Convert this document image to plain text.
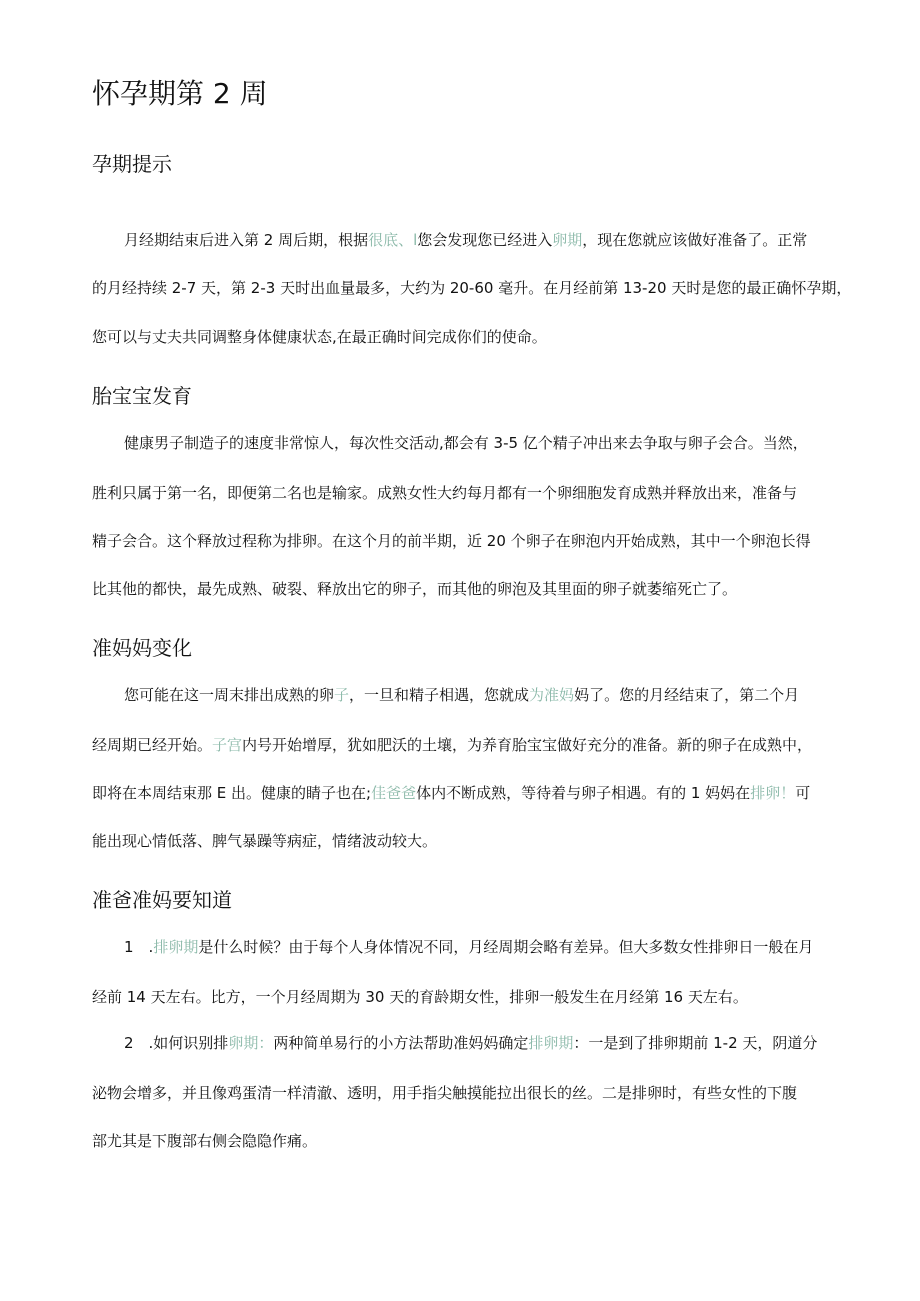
怀孕期第 2 周
孕期提示
月经期结束后进入第 2 周后期，根据很底、l您会发现您已经进入卵期，现在您就应该做好准备了。正常
的月经持续 2-7 天，第 2-3 天时出血量最多，大约为 20-60 毫升。在月经前第 13-20 天时是您的最正确怀孕期，
您可以与丈夫共同调整身体健康状态,在最正确时间完成你们的使命。
胎宝宝发育
健康男子制造子的速度非常惊人，每次性交活动,都会有 3-5 亿个精子冲出来去争取与卵子会合。当然，
胜利只属于第一名，即便第二名也是输家。成熟女性大约每月都有一个卵细胞发育成熟并释放出来，准备与
精子会合。这个释放过程称为排卵。在这个月的前半期，近 20 个卵子在卵泡内开始成熟，其中一个卵泡长得
比其他的都快，最先成熟、破裂、释放出它的卵子，而其他的卵泡及其里面的卵子就萎缩死亡了。
准妈妈变化
您可能在这一周末排出成熟的卵子，一旦和精子相遇，您就成为准妈妈了。您的月经结束了，第二个月
经周期已经开始。子宫内号开始增厚，犹如肥沃的土壤，为养育胎宝宝做好充分的准备。新的卵子在成熟中，
即将在本周结束那 E 出。健康的睛子也在;佳爸爸体内不断成熟，等待着与卵子相遇。有的 1 妈妈在排卵！可
能出现心情低落、脾气暴躁等病症，情绪波动较大。
准爸准妈要知道
1　.排卵期是什么时候？由于每个人身体情况不同，月经周期会略有差异。但大多数女性排卵日一般在月
经前 14 天左右。比方，一个月经周期为 30 天的育龄期女性，排卵一般发生在月经第 16 天左右。
2　.如何识别排卵期：两种简单易行的小方法帮助准妈妈确定排卵期：一是到了排卵期前 1-2 天，阴道分
泌物会增多，并且像鸡蛋清一样清澈、透明，用手指尖触摸能拉出很长的丝。二是排卵时，有些女性的下腹
部尤其是下腹部右侧会隐隐作痛。
